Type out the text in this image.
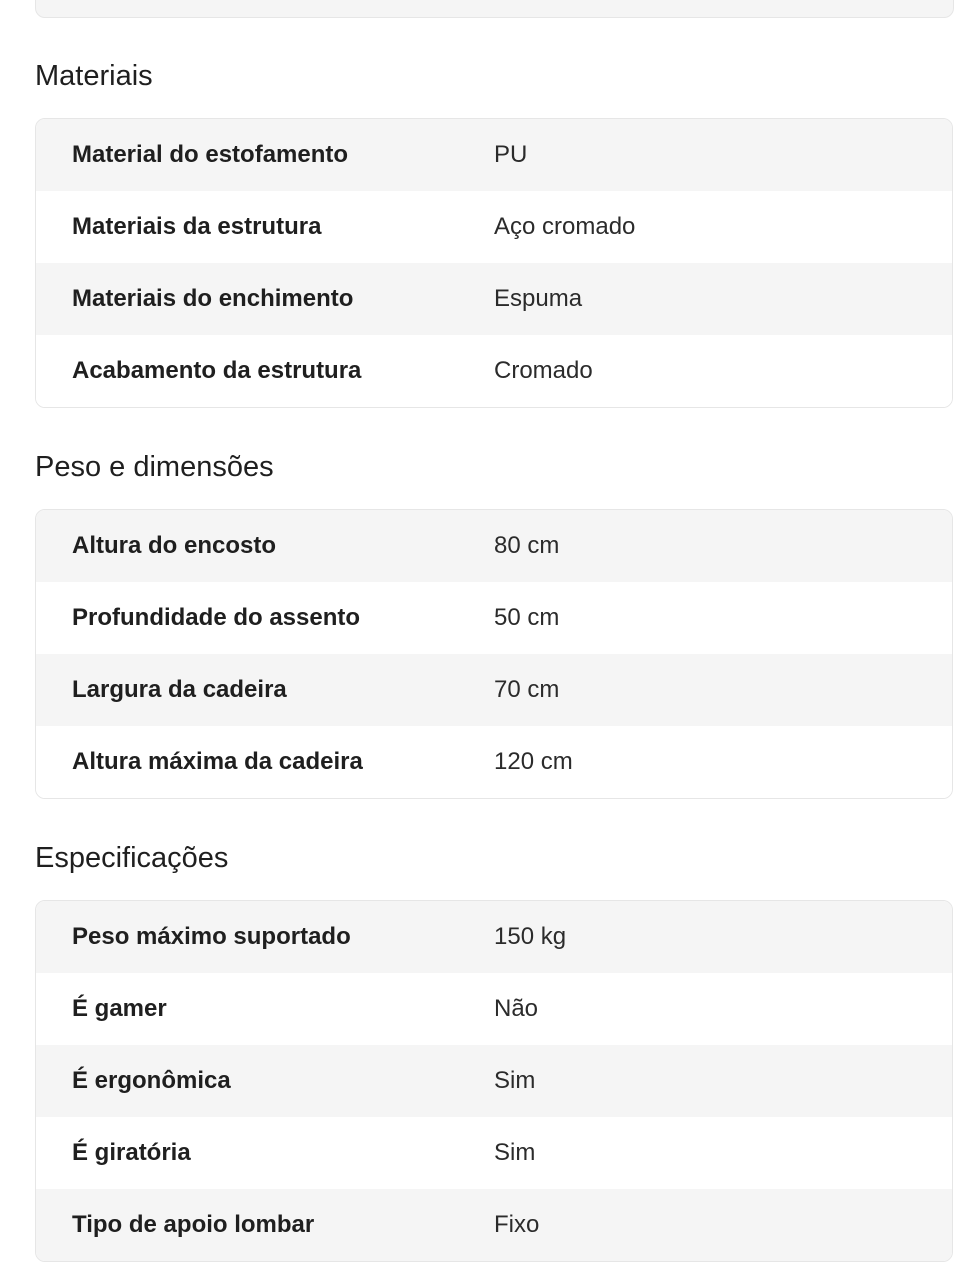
Materiais
Material do estofamento	PU
Materiais da estrutura	Aço cromado
Materiais do enchimento	Espuma
Acabamento da estrutura	Cromado
Peso e dimensões
Altura do encosto	80 cm
Profundidade do assento	50 cm
Largura da cadeira	70 cm
Altura máxima da cadeira	120 cm
Especificações
Peso máximo suportado	150 kg
É gamer	Não
É ergonômica	Sim
É giratória	Sim
Tipo de apoio lombar	Fixo
